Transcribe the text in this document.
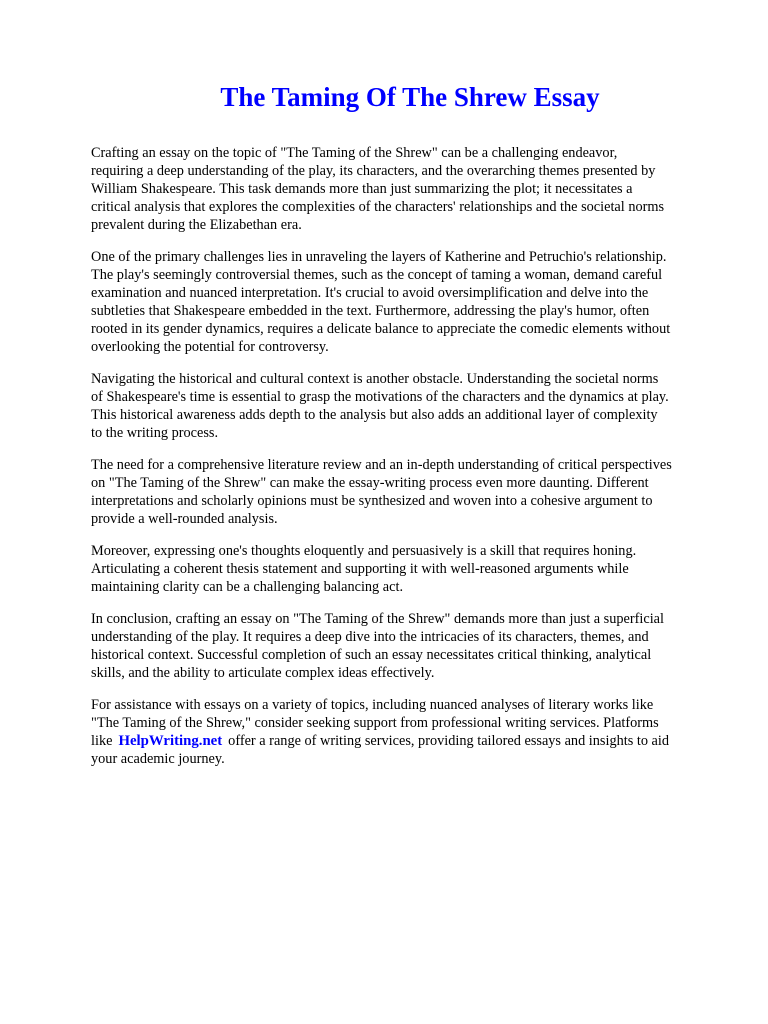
The Taming Of The Shrew Essay

Crafting an essay on the topic of "The Taming of the Shrew" can be a challenging endeavor,
requiring a deep understanding of the play, its characters, and the overarching themes presented by
William Shakespeare. This task demands more than just summarizing the plot; it necessitates a
critical analysis that explores the complexities of the characters' relationships and the societal norms
prevalent during the Elizabethan era.

One of the primary challenges lies in unraveling the layers of Katherine and Petruchio's relationship.
The play's seemingly controversial themes, such as the concept of taming a woman, demand careful
examination and nuanced interpretation. It's crucial to avoid oversimplification and delve into the
subtleties that Shakespeare embedded in the text. Furthermore, addressing the play's humor, often
rooted in its gender dynamics, requires a delicate balance to appreciate the comedic elements without
overlooking the potential for controversy.

Navigating the historical and cultural context is another obstacle. Understanding the societal norms
of Shakespeare's time is essential to grasp the motivations of the characters and the dynamics at play.
This historical awareness adds depth to the analysis but also adds an additional layer of complexity
to the writing process.

The need for a comprehensive literature review and an in-depth understanding of critical perspectives
on "The Taming of the Shrew" can make the essay-writing process even more daunting. Different
interpretations and scholarly opinions must be synthesized and woven into a cohesive argument to
provide a well-rounded analysis.

Moreover, expressing one's thoughts eloquently and persuasively is a skill that requires honing.
Articulating a coherent thesis statement and supporting it with well-reasoned arguments while
maintaining clarity can be a challenging balancing act.

In conclusion, crafting an essay on "The Taming of the Shrew" demands more than just a superficial
understanding of the play. It requires a deep dive into the intricacies of its characters, themes, and
historical context. Successful completion of such an essay necessitates critical thinking, analytical
skills, and the ability to articulate complex ideas effectively.

For assistance with essays on a variety of topics, including nuanced analyses of literary works like
"The Taming of the Shrew," consider seeking support from professional writing services. Platforms
like HelpWriting.net offer a range of writing services, providing tailored essays and insights to aid
your academic journey.
